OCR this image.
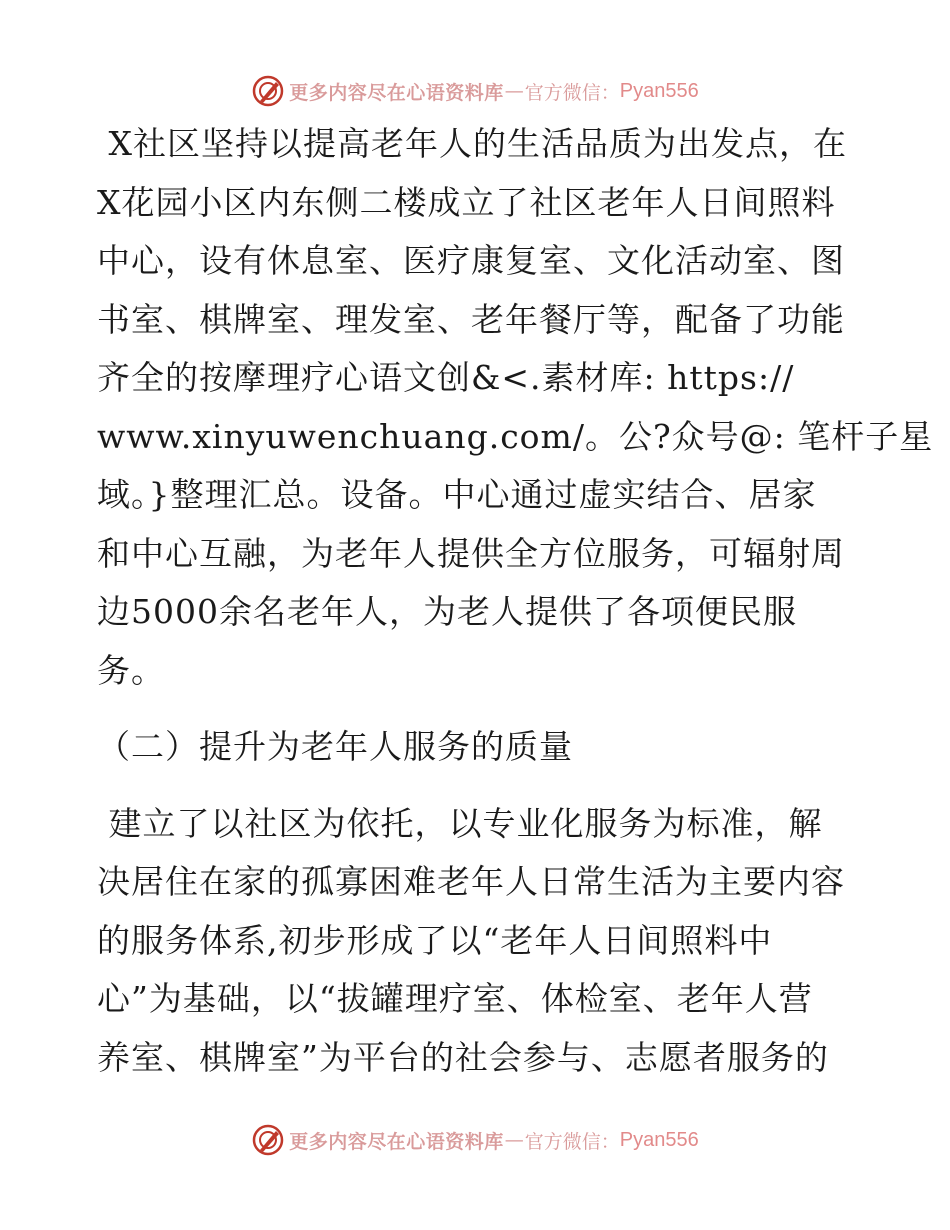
更多内容尽在心语资料库 — 官方微信： Pyan556
X社区坚持以提高老年人的生活品质为出发点，在
X花园小区内东侧二楼成立了社区老年人日间照料
中心，设有休息室、医疗康复室、文化活动室、图
书室、棋牌室、理发室、老年餐厅等，配备了功能
齐全的按摩理疗心语文创&<.素材库: https://
www.xinyuwenchuang.com/。公?众号@: 笔杆子星
域。}整理汇总。设备。中心通过虚实结合、居家
和中心互融，为老年人提供全方位服务，可辐射周
边5000余名老年人，为老人提供了各项便民服
务。
（二）提升为老年人服务的质量
建立了以社区为依托，以专业化服务为标准，解
决居住在家的孤寡困难老年人日常生活为主要内容
的服务体系,初步形成了以“老年人日间照料中
心”为基础，以“拔罐理疗室、体检室、老年人营
养室、棋牌室”为平台的社会参与、志愿者服务的
更多内容尽在心语资料库 — 官方微信： Pyan556
